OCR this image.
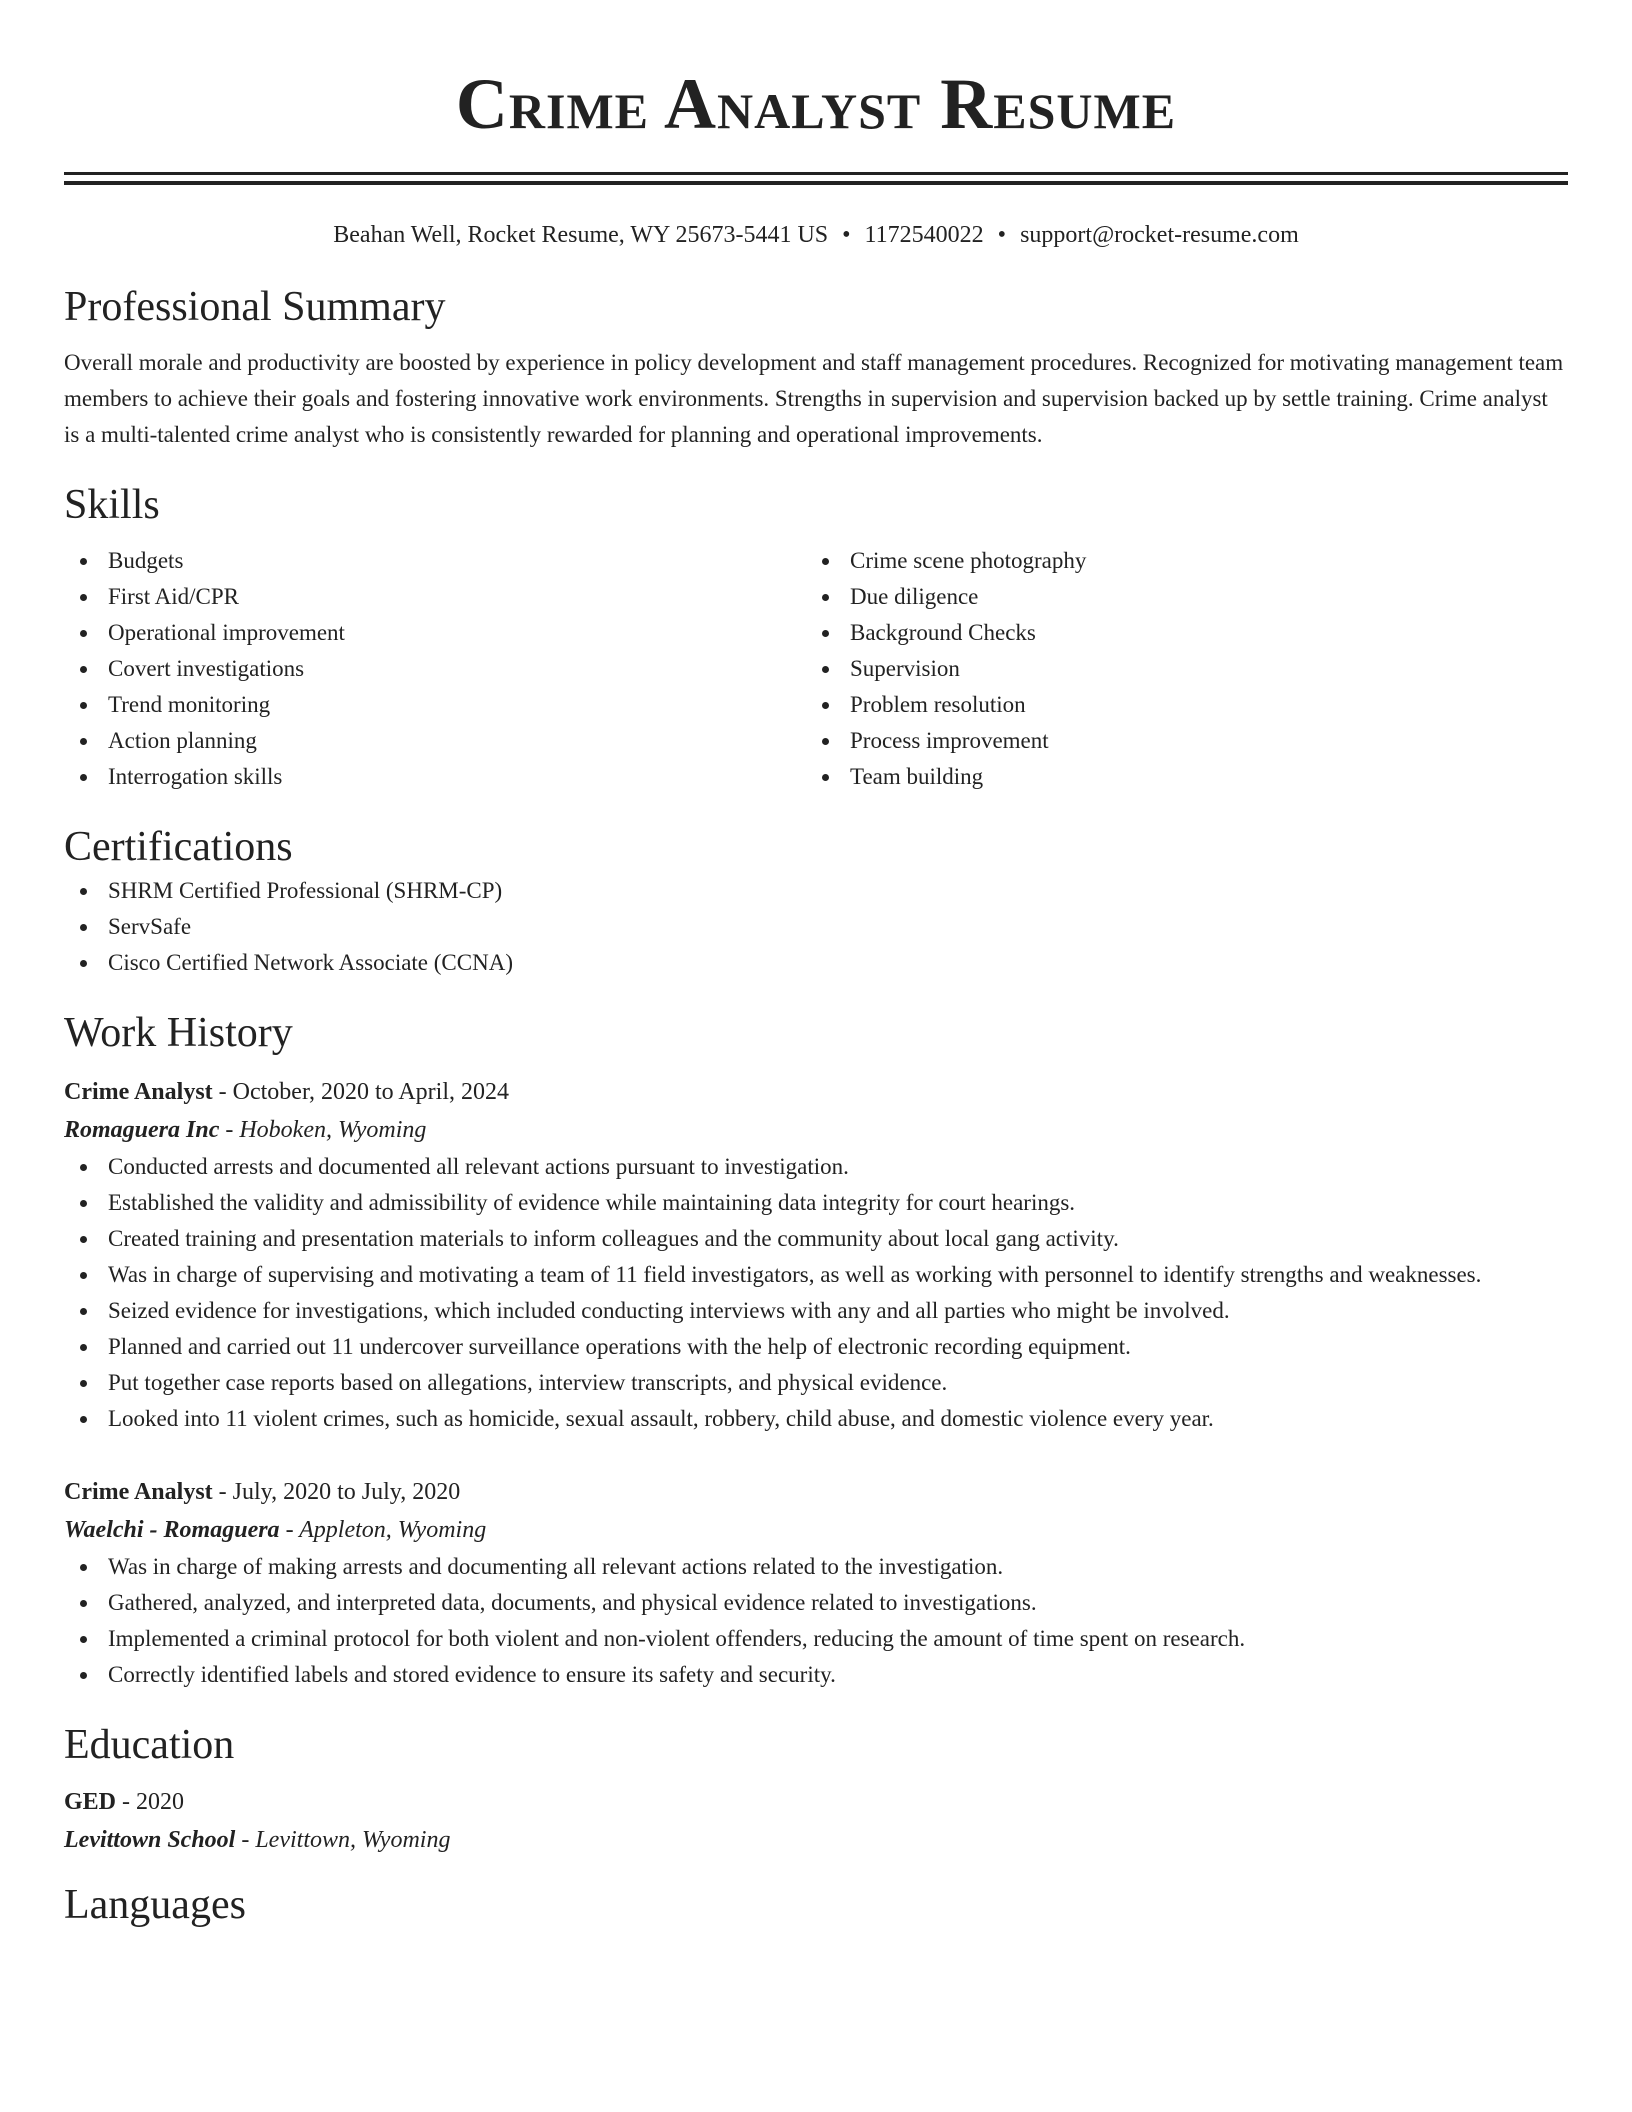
Crime Analyst Resume
Beahan Well, Rocket Resume, WY 25673-5441 US • 1172540022 • support@rocket-resume.com
Professional Summary

Overall morale and productivity are boosted by experience in policy development and staff management procedures. Recognized for motivating management team members to achieve their goals and fostering innovative work environments. Strengths in supervision and supervision backed up by settle training. Crime analyst is a multi-talented crime analyst who is consistently rewarded for planning and operational improvements.

Skills
Budgets
First Aid/CPR
Operational improvement
Covert investigations
Trend monitoring
Action planning
Interrogation skills
Crime scene photography
Due diligence
Background Checks
Supervision
Problem resolution
Process improvement
Team building
Certifications
SHRM Certified Professional (SHRM-CP)
ServSafe
Cisco Certified Network Associate (CCNA)
Work History
Crime Analyst - October, 2020 to April, 2024
Romaguera Inc - Hoboken, Wyoming
Conducted arrests and documented all relevant actions pursuant to investigation.
Established the validity and admissibility of evidence while maintaining data integrity for court hearings.
Created training and presentation materials to inform colleagues and the community about local gang activity.
Was in charge of supervising and motivating a team of 11 field investigators, as well as working with personnel to identify strengths and weaknesses.
Seized evidence for investigations, which included conducting interviews with any and all parties who might be involved.
Planned and carried out 11 undercover surveillance operations with the help of electronic recording equipment.
Put together case reports based on allegations, interview transcripts, and physical evidence.
Looked into 11 violent crimes, such as homicide, sexual assault, robbery, child abuse, and domestic violence every year.
Crime Analyst - July, 2020 to July, 2020
Waelchi - Romaguera - Appleton, Wyoming
Was in charge of making arrests and documenting all relevant actions related to the investigation.
Gathered, analyzed, and interpreted data, documents, and physical evidence related to investigations.
Implemented a criminal protocol for both violent and non-violent offenders, reducing the amount of time spent on research.
Correctly identified labels and stored evidence to ensure its safety and security.
Education
GED - 2020
Levittown School - Levittown, Wyoming
Languages
